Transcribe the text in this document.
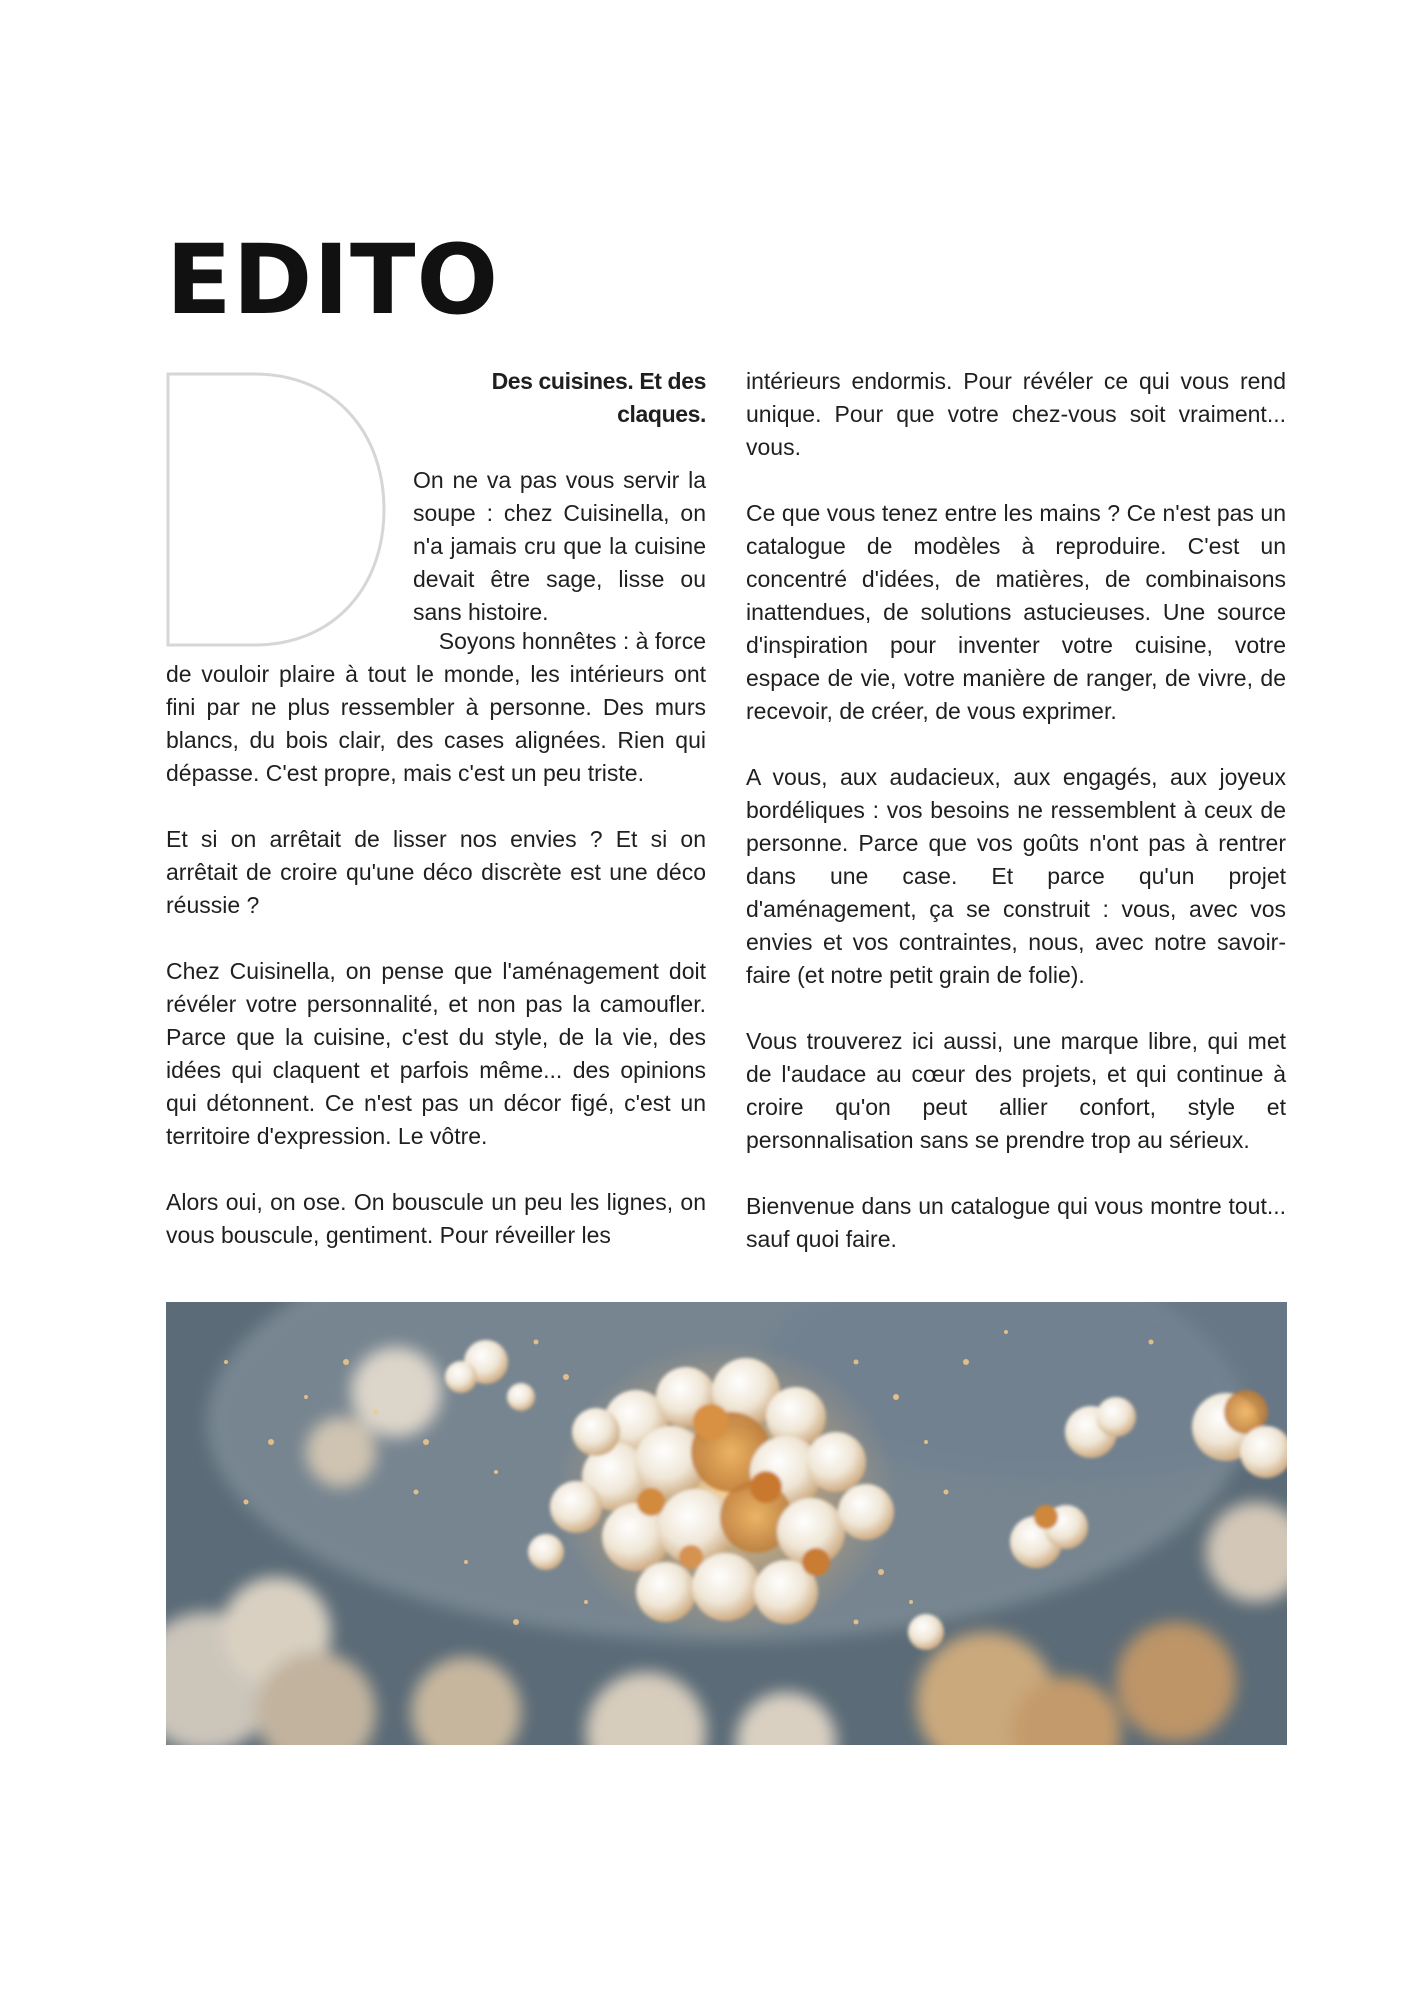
EDITO

Des cuisines. Et des claques.

On ne va pas vous servir la soupe : chez Cuisinella, on n'a jamais cru que la cuisine devait être sage, lisse ou sans histoire.

Soyons honnêtes : à force

de vouloir plaire à tout le monde, les intérieurs ont fini par ne plus ressembler à personne. Des murs blancs, du bois clair, des cases alignées. Rien qui dépasse. C'est propre, mais c'est un peu triste.

Et si on arrêtait de lisser nos envies ? Et si on arrêtait de croire qu'une déco discrète est une déco réussie ?

Chez Cuisinella, on pense que l'aménagement doit révéler votre personnalité, et non pas la camoufler. Parce que la cuisine, c'est du style, de la vie, des idées qui claquent et parfois même... des opinions qui détonnent. Ce n'est pas un décor figé, c'est un territoire d'expression. Le vôtre.

Alors oui, on ose. On bouscule un peu les lignes, on vous bouscule, gentiment. Pour réveiller les

intérieurs endormis. Pour révéler ce qui vous rend unique. Pour que votre chez-vous soit vraiment... vous.

Ce que vous tenez entre les mains ? Ce n'est pas un catalogue de modèles à reproduire. C'est un concentré d'idées, de matières, de combinaisons inattendues, de solutions astucieuses. Une source d'inspiration pour inventer votre cuisine, votre espace de vie, votre manière de ranger, de vivre, de recevoir, de créer, de vous exprimer.

A vous, aux audacieux, aux engagés, aux joyeux bordéliques : vos besoins ne ressemblent à ceux de personne. Parce que vos goûts n'ont pas à rentrer dans une case. Et parce qu'un projet d'aménagement, ça se construit : vous, avec vos envies et vos contraintes, nous, avec notre savoir-faire (et notre petit grain de folie).

Vous trouverez ici aussi, une marque libre, qui met de l'audace au cœur des projets, et qui continue à croire qu'on peut allier confort, style et personnalisation sans se prendre trop au sérieux.

Bienvenue dans un catalogue qui vous montre tout... sauf quoi faire.
